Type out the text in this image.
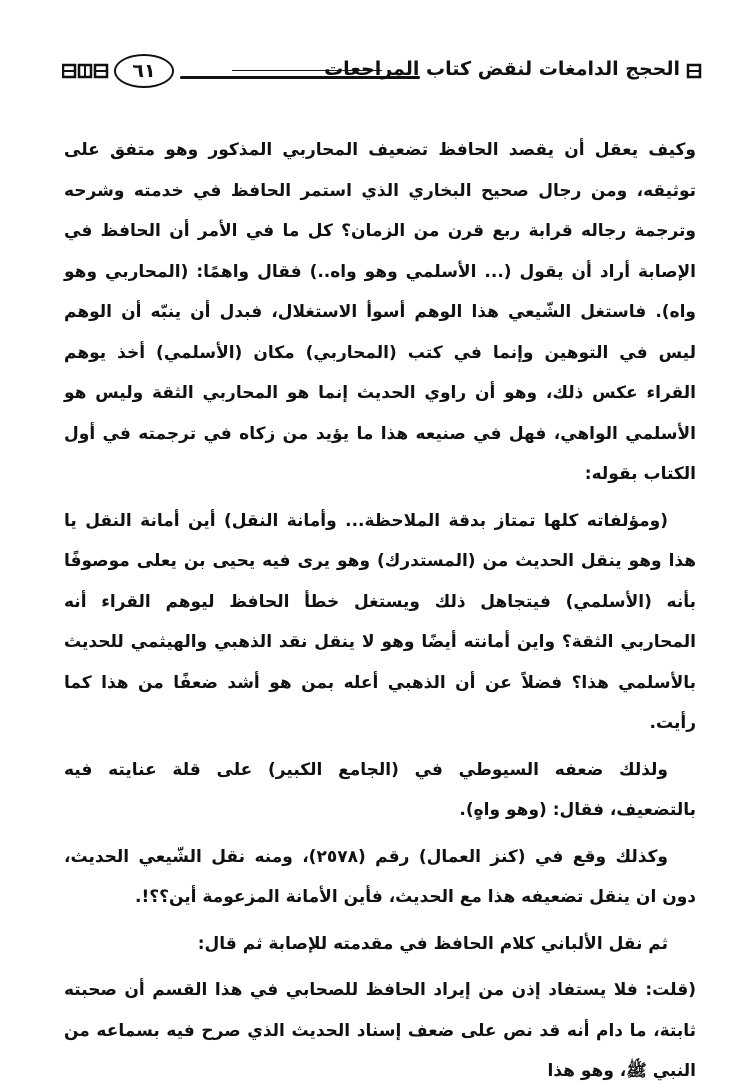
٦١	الحجج الدامغات لنقض كتاب المراجعات

وكيف يعقل أن يقصد الحافظ تضعيف المحاربي المذكور وهو متفق على توثيقه، ومن رجال صحيح البخاري الذي استمر الحافظ في خدمته وشرحه وترجمة رجاله قرابة ربع قرن من الزمان؟ كل ما في الأمر أن الحافظ في الإصابة أراد أن يقول (... الأسلمي وهو واه..) فقال واهمًا: (المحاربي وهو واه). فاستغل الشّيعي هذا الوهم أسوأ الاستغلال، فبدل أن ينبّه أن الوهم ليس في التوهين وإنما في كتب (المحاربي) مكان (الأسلمي) أخذ يوهم القراء عكس ذلك، وهو أن راوي الحديث إنما هو المحاربي الثقة وليس هو الأسلمي الواهي، فهل في صنيعه هذا ما يؤيد من زكاه في ترجمته في أول الكتاب بقوله:

(ومؤلفاته كلها تمتاز بدقة الملاحظة... وأمانة النقل) أين أمانة النقل يا هذا وهو ينقل الحديث من (المستدرك) وهو يرى فيه يحيى بن يعلى موصوفًا بأنه (الأسلمي) فيتجاهل ذلك ويستغل خطأ الحافظ ليوهم القراء أنه المحاربي الثقة؟ واين أمانته أيضًا وهو لا ينقل نقد الذهبي والهيثمي للحديث بالأسلمي هذا؟ فضلاً عن أن الذهبي أعله بمن هو أشد ضعفًا من هذا كما رأيت.

ولذلك ضعفه السيوطي في (الجامع الكبير) على قلة عنايته فيه بالتضعيف، فقال: (وهو واهٍ).

وكذلك وقع في (كنز العمال) رقم (٢٥٧٨)، ومنه نقل الشّيعي الحديث، دون ان ينقل تضعيفه هذا مع الحديث، فأين الأمانة المزعومة أين؟؟!.

ثم نقل الألباني كلام الحافظ في مقدمته للإصابة ثم قال:

(قلت: فلا يستفاد إذن من إيراد الحافظ للصحابي في هذا القسم أن صحبته ثابتة، ما دام أنه قد نص على ضعف إسناد الحديث الذي صرح فيه بسماعه من النبي ﷺ، وهو هذا
